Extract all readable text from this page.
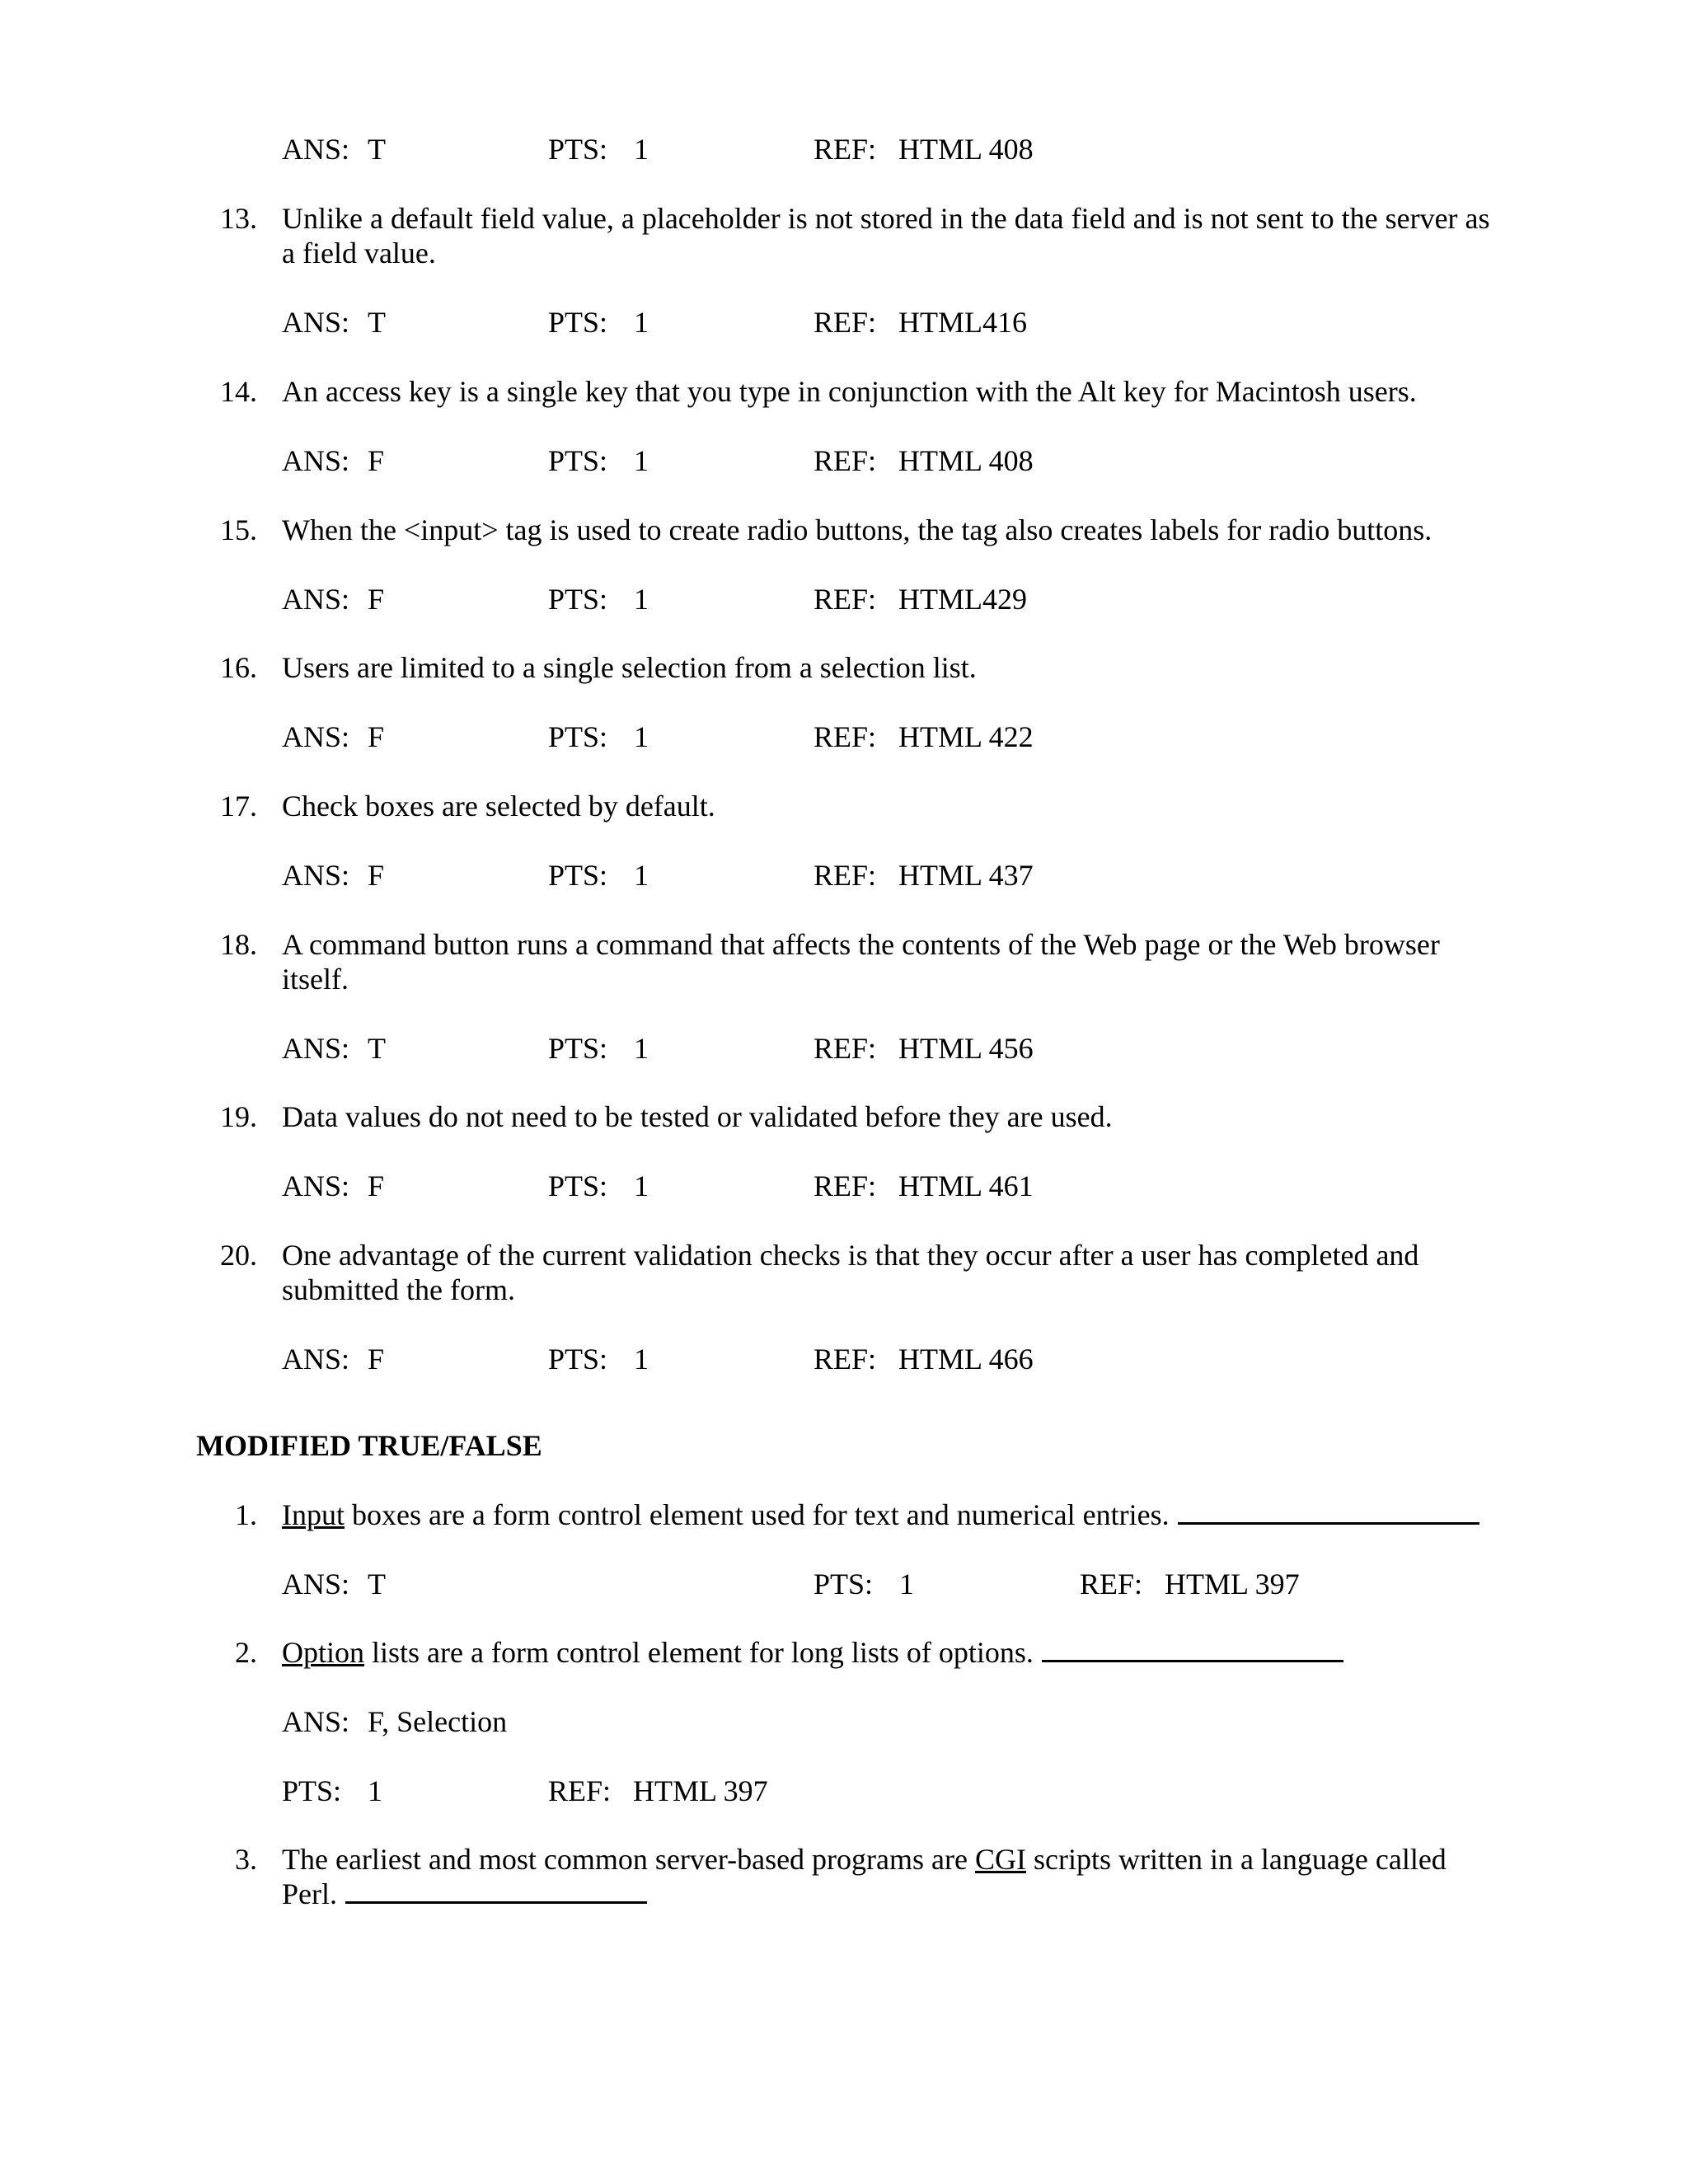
ANS: T	PTS: 1	REF: HTML 408
13. Unlike a default field value, a placeholder is not stored in the data field and is not sent to the server as
a field value.
ANS: T	PTS: 1	REF: HTML416
14. An access key is a single key that you type in conjunction with the Alt key for Macintosh users.
ANS: F	PTS: 1	REF: HTML 408
15. When the <input> tag is used to create radio buttons, the tag also creates labels for radio buttons.
ANS: F	PTS: 1	REF: HTML429
16. Users are limited to a single selection from a selection list.
ANS: F	PTS: 1	REF: HTML 422
17. Check boxes are selected by default.
ANS: F	PTS: 1	REF: HTML 437
18. A command button runs a command that affects the contents of the Web page or the Web browser
itself.
ANS: T	PTS: 1	REF: HTML 456
19. Data values do not need to be tested or validated before they are used.
ANS: F	PTS: 1	REF: HTML 461
20. One advantage of the current validation checks is that they occur after a user has completed and
submitted the form.
ANS: F	PTS: 1	REF: HTML 466
MODIFIED TRUE/FALSE
1. Input boxes are a form control element used for text and numerical entries.
ANS: T	PTS: 1	REF: HTML 397
2. Option lists are a form control element for long lists of options.
ANS: F, Selection
PTS: 1	REF: HTML 397
3. The earliest and most common server-based programs are CGI scripts written in a language called
Perl.
